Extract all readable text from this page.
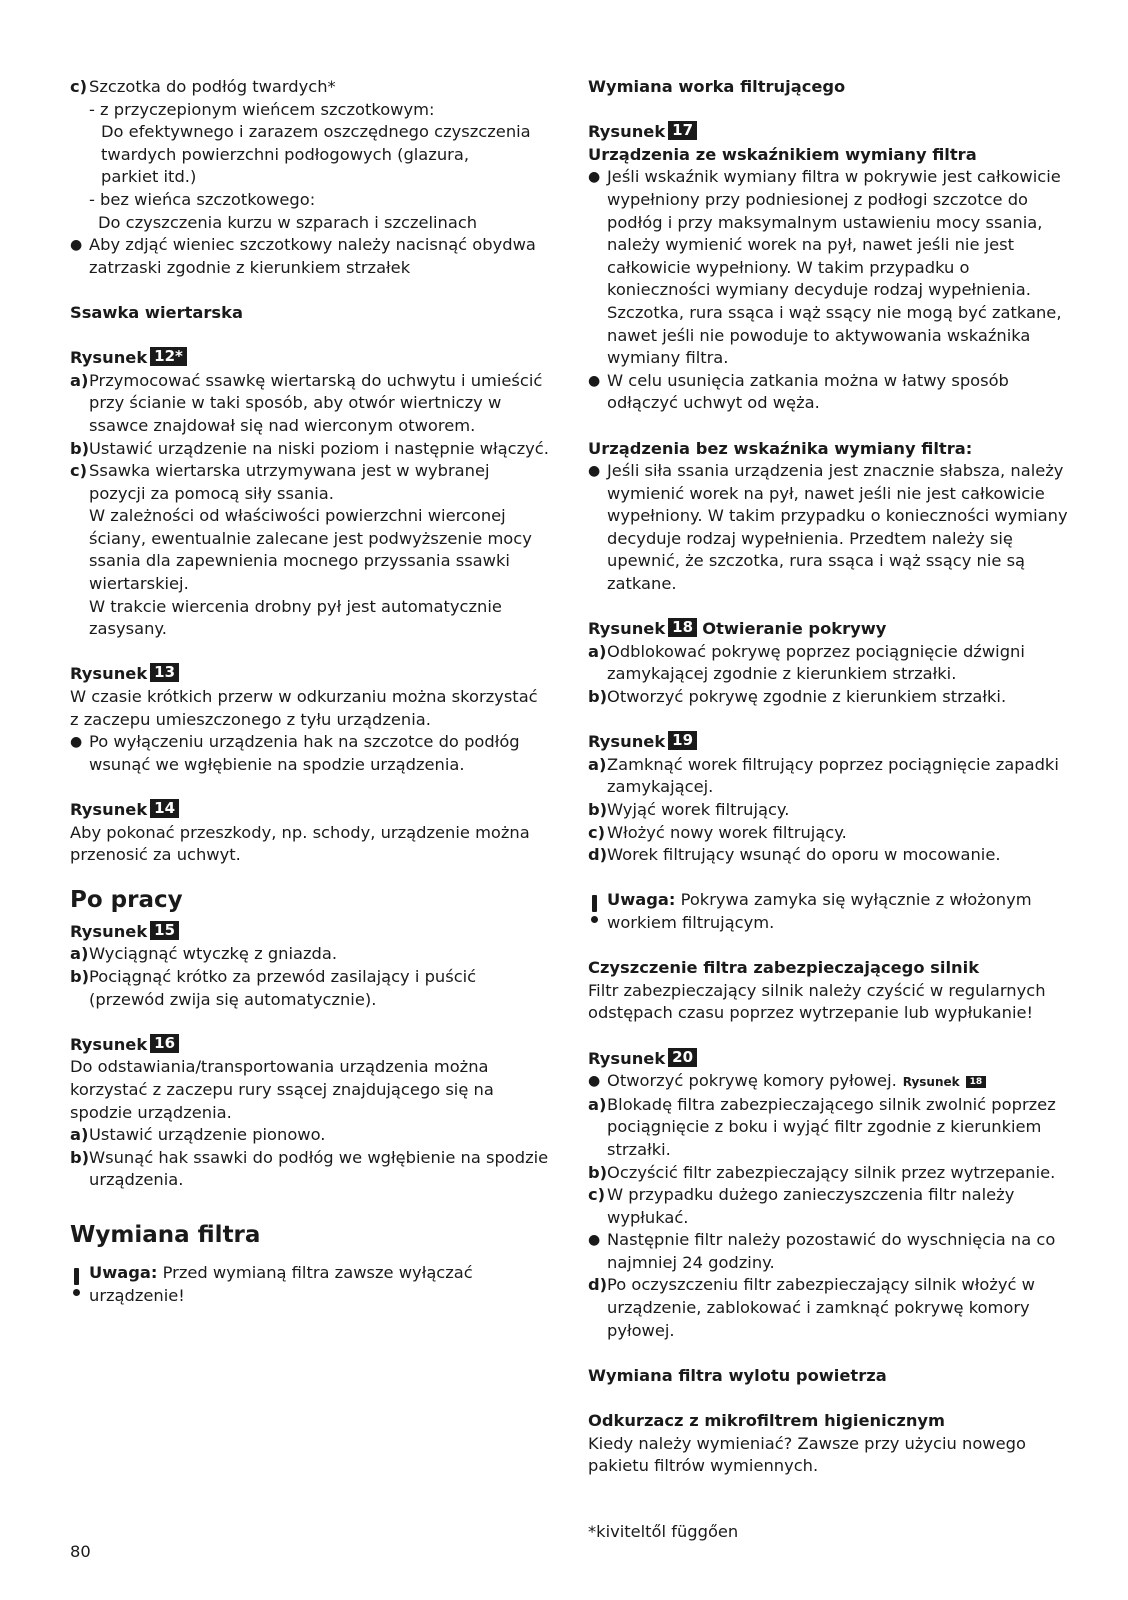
c) Szczotka do podłóg twardych*

- z przyczepionym wieńcem szczotkowym:

Do efektywnego i zarazem oszczędnego czyszczenia

twardych powierzchni podłogowych (glazura,

parkiet itd.)

- bez wieńca szczotkowego:

Do czyszczenia kurzu w szparach i szczelinach

● Aby zdjąć wieniec szczotkowy należy nacisnąć obydwa zatrzaski zgodnie z kierunkiem strzałek

Ssawka wiertarska

Rysunek 12*

a) Przymocować ssawkę wiertarską do uchwytu i umieścić przy ścianie w taki sposób, aby otwór wiertniczy w ssawce znajdował się nad wierconym otworem.
b) Ustawić urządzenie na niski poziom i następnie włączyć.
c) Ssawka wiertarska utrzymywana jest w wybranej pozycji za pomocą siły ssania.
W zależności od właściwości powierzchni wierconej ściany, ewentualnie zalecane jest podwyższenie mocy ssania dla zapewnienia mocnego przyssania ssawki wiertarskiej.
W trakcie wiercenia drobny pył jest automatycznie zasysany.

Rysunek 13

W czasie krótkich przerw w odkurzaniu można skorzystać z zaczepu umieszczonego z tyłu urządzenia.

● Po wyłączeniu urządzenia hak na szczotce do podłóg wsunąć we wgłębienie na spodzie urządzenia.

Rysunek 14

Aby pokonać przeszkody, np. schody, urządzenie można przenosić za uchwyt.

Po pracy

Rysunek 15

a) Wyciągnąć wtyczkę z gniazda.
b) Pociągnąć krótko za przewód zasilający i puścić (przewód zwija się automatycznie).

Rysunek 16

Do odstawiania/transportowania urządzenia można korzystać z zaczepu rury ssącej znajdującego się na spodzie urządzenia.

a) Ustawić urządzenie pionowo.
b) Wsunąć hak ssawki do podłóg we wgłębienie na spodzie urządzenia.

Wymiana filtra

Uwaga: Przed wymianą filtra zawsze wyłączać urządzenie!

Wymiana worka filtrującego

Rysunek 17

Urządzenia ze wskaźnikiem wymiany filtra

● Jeśli wskaźnik wymiany filtra w pokrywie jest całkowicie wypełniony przy podniesionej z podłogi szczotce do podłóg i przy maksymalnym ustawieniu mocy ssania, należy wymienić worek na pył, nawet jeśli nie jest całkowicie wypełniony. W takim przypadku o konieczności wymiany decyduje rodzaj wypełnienia. Szczotka, rura ssąca i wąż ssący nie mogą być zatkane, nawet jeśli nie powoduje to aktywowania wskaźnika wymiany filtra.
● W celu usunięcia zatkania można w łatwy sposób odłączyć uchwyt od węża.

Urządzenia bez wskaźnika wymiany filtra:

● Jeśli siła ssania urządzenia jest znacznie słabsza, należy wymienić worek na pył, nawet jeśli nie jest całkowicie wypełniony. W takim przypadku o konieczności wymiany decyduje rodzaj wypełnienia. Przedtem należy się upewnić, że szczotka, rura ssąca i wąż ssący nie są zatkane.

Rysunek 18 Otwieranie pokrywy

a) Odblokować pokrywę poprzez pociągnięcie dźwigni zamykającej zgodnie z kierunkiem strzałki.
b) Otworzyć pokrywę zgodnie z kierunkiem strzałki.

Rysunek 19

a) Zamknąć worek filtrujący poprzez pociągnięcie zapadki zamykającej.
b) Wyjąć worek filtrujący.
c) Włożyć nowy worek filtrujący.
d) Worek filtrujący wsunąć do oporu w mocowanie.
Uwaga: Pokrywa zamyka się wyłącznie z włożonym workiem filtrującym.

Czyszczenie filtra zabezpieczającego silnik

Filtr zabezpieczający silnik należy czyścić w regularnych odstępach czasu poprzez wytrzepanie lub wypłukanie!

Rysunek 20

● Otworzyć pokrywę komory pyłowej. Rysunek 18
a) Blokadę filtra zabezpieczającego silnik zwolnić poprzez pociągnięcie z boku i wyjąć filtr zgodnie z kierunkiem strzałki.
b) Oczyścić filtr zabezpieczający silnik przez wytrzepanie.
c) W przypadku dużego zanieczyszczenia filtr należy wypłukać.
● Następnie filtr należy pozostawić do wyschnięcia na co najmniej 24 godziny.
d) Po oczyszczeniu filtr zabezpieczający silnik włożyć w urządzenie, zablokować i zamknąć pokrywę komory pyłowej.

Wymiana filtra wylotu powietrza

Odkurzacz z mikrofiltrem higienicznym

Kiedy należy wymieniać? Zawsze przy użyciu nowego pakietu filtrów wymiennych.

*kiviteltől függően
80
